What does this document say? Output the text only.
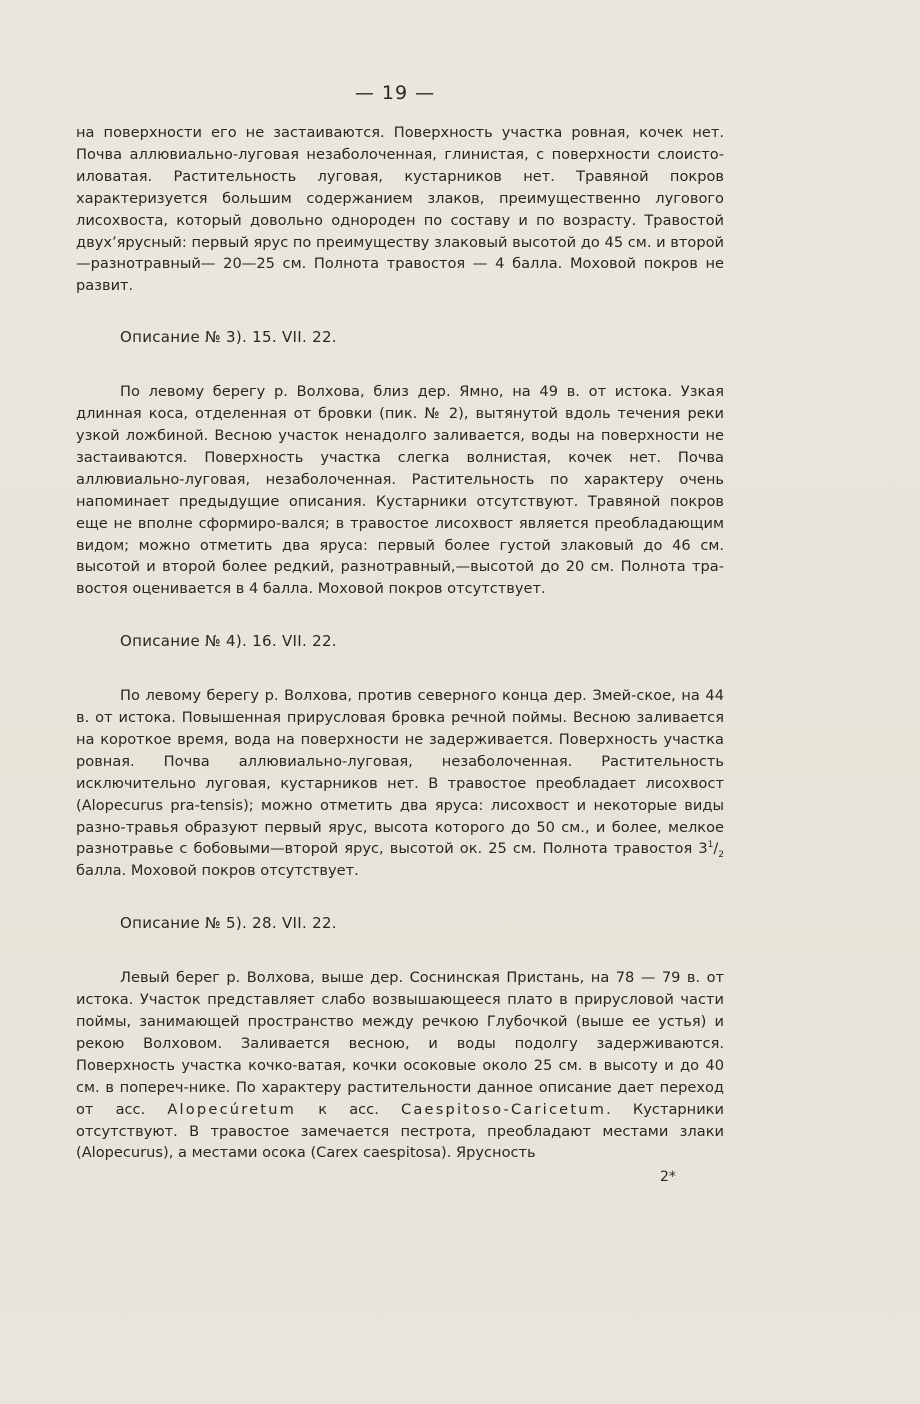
— 19 —

на поверхности его не застаиваются. Поверхность участка ровная, кочек нет. Почва аллювиально-луговая незаболоченная, глинистая, с поверхности слоисто-иловатая. Растительность луговая, кустарников нет. Травяной покров характеризуется большим содержанием злаков, преимущественно лугового лисохвоста, который довольно однороден по составу и по возрасту. Травостой двух’ярусный: первый ярус по преимуществу злаковый высотой до 45 см. и второй—разнотравный— 20—25 см. Полнота травостоя — 4 балла. Моховой покров не развит.

Описание № 3). 15. VII. 22.

По левому берегу р. Волхова, близ дер. Ямно, на 49 в. от истока. Узкая длинная коса, отделенная от бровки (пик. № 2), вытянутой вдоль течения реки узкой ложбиной. Весною участок ненадолго заливается, воды на поверхности не застаиваются. Поверхность участка слегка волнистая, кочек нет. Почва аллювиально-луговая, незаболоченная. Растительность по характеру очень напоминает предыдущие описания. Кустарники отсутствуют. Травяной покров еще не вполне сформиро-вался; в травостое лисохвост является преобладающим видом; можно отметить два яруса: первый более густой злаковый до 46 см. высотой и второй более редкий, разнотравный,—высотой до 20 см. Полнота тра-востоя оценивается в 4 балла. Моховой покров отсутствует.

Описание № 4). 16. VII. 22.

По левому берегу р. Волхова, против северного конца дер. Змей-ское, на 44 в. от истока. Повышенная прирусловая бровка речной поймы. Весною заливается на короткое время, вода на поверхности не задерживается. Поверхность участка ровная. Почва аллювиально-луговая, незаболоченная. Растительность исключительно луговая, кустарников нет. В травостое преобладает лисохвост (Alopecurus pra-tensis); можно отметить два яруса: лисохвост и некоторые виды разно-травья образуют первый ярус, высота которого до 50 см., и более, мелкое разнотравье с бобовыми—второй ярус, высотой ок. 25 см. Полнота травостоя $3^1/_2$ балла. Моховой покров отсутствует.

Описание № 5). 28. VII. 22.

Левый берег р. Волхова, выше дер. Соснинская Пристань, на 78 — 79 в. от истока. Участок представляет слабо возвышающееся плато в прирусловой части поймы, занимающей пространство между речкою Глубочкой (выше ее устья) и рекою Волховом. Заливается весною, и воды подолгу задерживаются. Поверхность участка кочко-ватая, кочки осоковые около 25 см. в высоту и до 40 см. в попереч-нике. По характеру растительности данное описание дает переход от асс. Alopecúretum к асс. Caespitoso-Caricetum. Кустарники отсутствуют. В травостое замечается пестрота, преобладают местами злаки (Alopecurus), а местами осока (Carex caespitosa). Ярусность

2*
